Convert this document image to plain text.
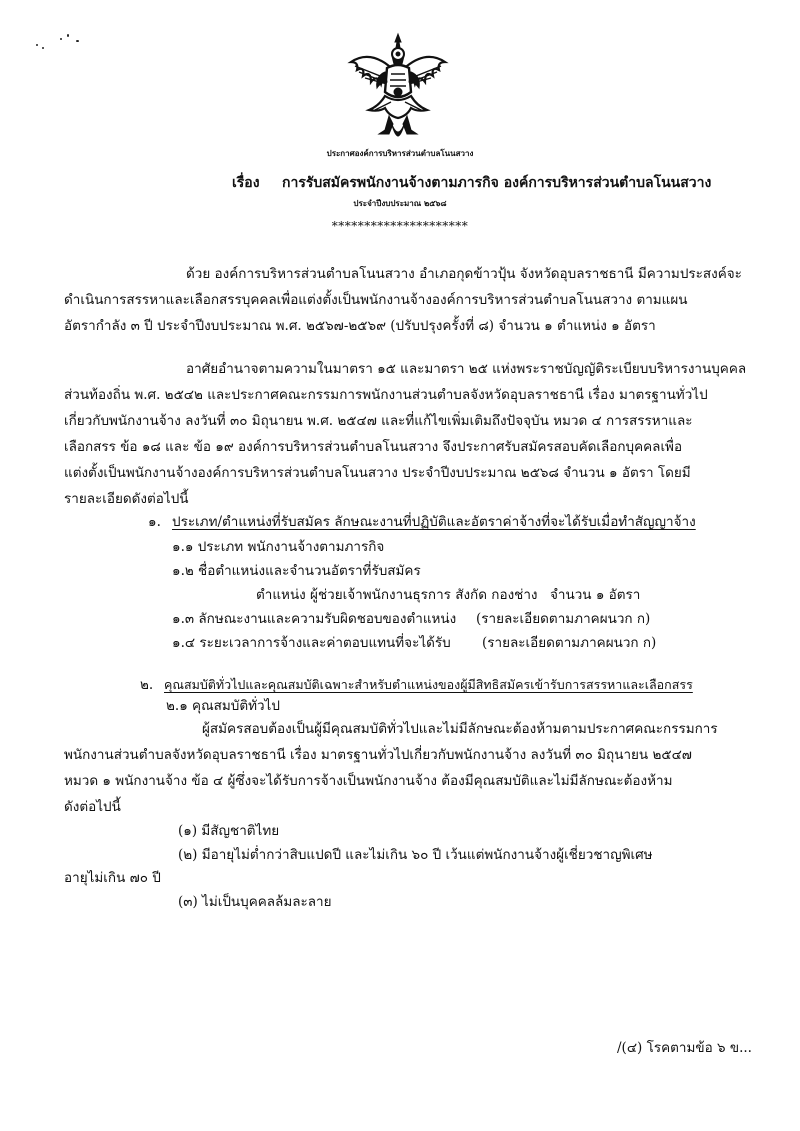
ประกาศองค์การบริหารส่วนตำบลโนนสวาง
เรื่อง การรับสมัครพนักงานจ้างตามภารกิจ องค์การบริหารส่วนตำบลโนนสวาง
ประจำปีงบประมาณ ๒๕๖๘
*********************
ด้วย องค์การบริหารส่วนตำบลโนนสวาง อำเภอกุดข้าวปุ้น จังหวัดอุบลราชธานี มีความประสงค์จะ
ดำเนินการสรรหาและเลือกสรรบุคคลเพื่อแต่งตั้งเป็นพนักงานจ้างองค์การบริหารส่วนตำบลโนนสวาง ตามแผน
อัตรากำลัง ๓ ปี ประจำปีงบประมาณ พ.ศ. ๒๕๖๗-๒๕๖๙ (ปรับปรุงครั้งที่ ๘) จำนวน ๑ ตำแหน่ง ๑ อัตรา
อาศัยอำนาจตามความในมาตรา ๑๕ และมาตรา ๒๕ แห่งพระราชบัญญัติระเบียบบริหารงานบุคคล
ส่วนท้องถิ่น พ.ศ. ๒๕๔๒ และประกาศคณะกรรมการพนักงานส่วนตำบลจังหวัดอุบลราชธานี เรื่อง มาตรฐานทั่วไป
เกี่ยวกับพนักงานจ้าง ลงวันที่ ๓๐ มิถุนายน พ.ศ. ๒๕๔๗ และที่แก้ไขเพิ่มเติมถึงปัจจุบัน หมวด ๔ การสรรหาและ
เลือกสรร ข้อ ๑๘ และ ข้อ ๑๙ องค์การบริหารส่วนตำบลโนนสวาง จึงประกาศรับสมัครสอบคัดเลือกบุคคลเพื่อ
แต่งตั้งเป็นพนักงานจ้างองค์การบริหารส่วนตำบลโนนสวาง ประจำปีงบประมาณ ๒๕๖๘ จำนวน ๑ อัตรา โดยมี
รายละเอียดดังต่อไปนี้
๑. ประเภท/ตำแหน่งที่รับสมัคร ลักษณะงานที่ปฏิบัติและอัตราค่าจ้างที่จะได้รับเมื่อทำสัญญาจ้าง
๑.๑ ประเภท พนักงานจ้างตามภารกิจ
๑.๒ ชื่อตำแหน่งและจำนวนอัตราที่รับสมัคร
ตำแหน่ง ผู้ช่วยเจ้าพนักงานธุรการ สังกัด กองช่าง จำนวน ๑ อัตรา
๑.๓ ลักษณะงานและความรับผิดชอบของตำแหน่ง (รายละเอียดตามภาคผนวก ก)
๑.๔ ระยะเวลาการจ้างและค่าตอบแทนที่จะได้รับ (รายละเอียดตามภาคผนวก ก)
๒. คุณสมบัติทั่วไปและคุณสมบัติเฉพาะสำหรับตำแหน่งของผู้มีสิทธิสมัครเข้ารับการสรรหาและเลือกสรร
๒.๑ คุณสมบัติทั่วไป
ผู้สมัครสอบต้องเป็นผู้มีคุณสมบัติทั่วไปและไม่มีลักษณะต้องห้ามตามประกาศคณะกรรมการ
พนักงานส่วนตำบลจังหวัดอุบลราชธานี เรื่อง มาตรฐานทั่วไปเกี่ยวกับพนักงานจ้าง ลงวันที่ ๓๐ มิถุนายน ๒๕๔๗
หมวด ๑ พนักงานจ้าง ข้อ ๔ ผู้ซึ่งจะได้รับการจ้างเป็นพนักงานจ้าง ต้องมีคุณสมบัติและไม่มีลักษณะต้องห้าม
ดังต่อไปนี้
(๑) มีสัญชาติไทย
(๒) มีอายุไม่ต่ำกว่าสิบแปดปี และไม่เกิน ๖๐ ปี เว้นแต่พนักงานจ้างผู้เชี่ยวชาญพิเศษ
อายุไม่เกิน ๗๐ ปี
(๓) ไม่เป็นบุคคลล้มละลาย
/(๔) โรคตามข้อ ๖ ข...
